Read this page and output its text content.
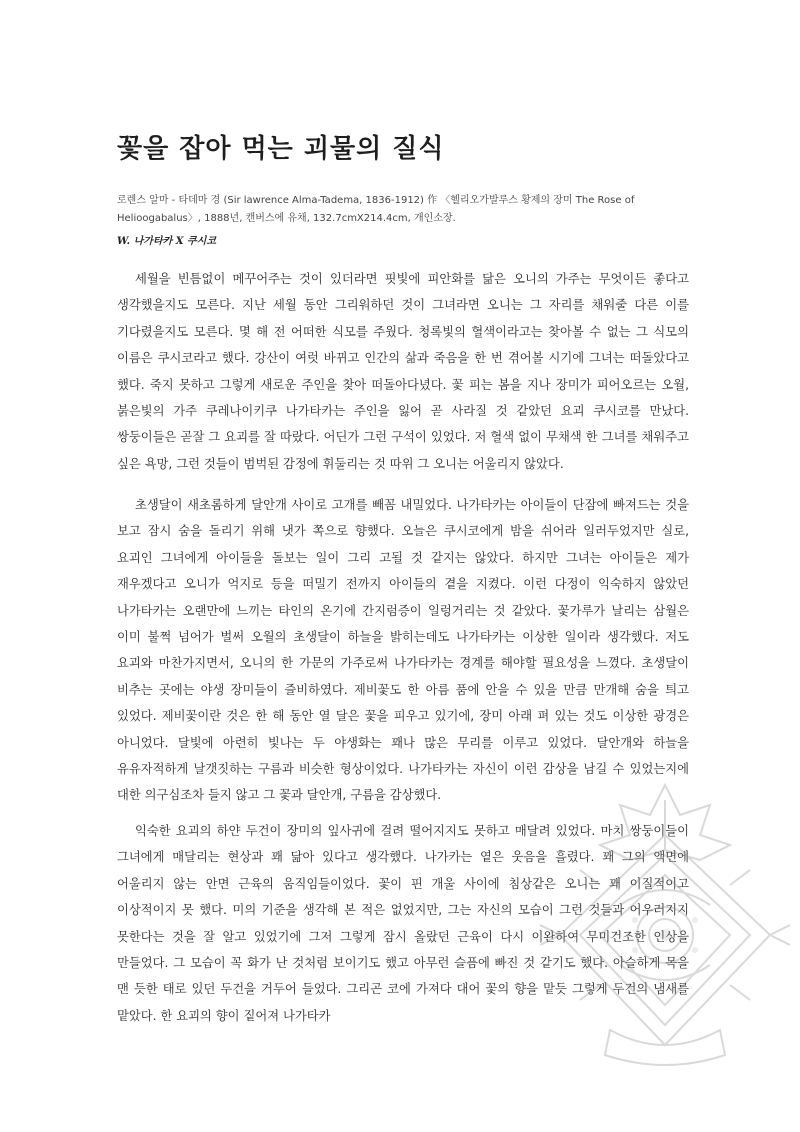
꽃을 잡아 먹는 괴물의 질식

로렌스 알마 - 타데마 경 (Sir lawrence Alma-Tadema, 1836-1912) 作 〈헬리오가발루스 황제의 장미 The Rose of Helioogabalus〉, 1888년, 캔버스에 유채, 132.7cmX214.4cm, 개인소장.

W. 나가타카 X 쿠시코

세월을 빈틈없이 메꾸어주는 것이 있더라면 핏빛에 피안화를 닮은 오니의 가주는 무엇이든 좋다고 생각했을지도 모른다. 지난 세월 동안 그리워하던 것이 그녀라면 오니는 그 자리를 채워줄 다른 이를 기다렸을지도 모른다. 몇 해 전 어떠한 식모를 주웠다. 청록빛의 혈색이라고는 찾아볼 수 없는 그 식모의 이름은 쿠시코라고 했다. 강산이 여럿 바뀌고 인간의 삶과 죽음을 한 번 겪어볼 시기에 그녀는 떠돌았다고 했다. 죽지 못하고 그렇게 새로운 주인을 찾아 떠돌아다녔다. 꽃 피는 봄을 지나 장미가 피어오르는 오월, 붉은빛의 가주 쿠레나이키쿠 나가타카는 주인을 잃어 곧 사라질 것 같았던 요괴 쿠시코를 만났다. 쌍둥이들은 곧잘 그 요괴를 잘 따랐다. 어딘가 그런 구석이 있었다. 저 혈색 없이 무채색 한 그녀를 채워주고 싶은 욕망, 그런 것들이 범벅된 감정에 휘둘리는 것 따위 그 오니는 어울리지 않았다.

초생달이 새초롬하게 달안개 사이로 고개를 빼꼼 내밀었다. 나가타카는 아이들이 단잠에 빠져드는 것을 보고 잠시 숨을 돌리기 위해 냇가 쪽으로 향했다. 오늘은 쿠시코에게 밤을 쉬어라 일러두었지만 실로, 요괴인 그녀에게 아이들을 돌보는 일이 그리 고될 것 같지는 않았다. 하지만 그녀는 아이들은 제가 재우겠다고 오니가 억지로 등을 떠밀기 전까지 아이들의 곁을 지켰다. 이런 다정이 익숙하지 않았던 나가타카는 오랜만에 느끼는 타인의 온기에 간지럼증이 일렁거리는 것 같았다. 꽃가루가 날리는 삼월은 이미 불쩍 넘어가 벌써 오월의 초생달이 하늘을 밝히는데도 나가타카는 이상한 일이라 생각했다. 저도 요괴와 마찬가지면서, 오니의 한 가문의 가주로써 나가타카는 경계를 해야할 필요성을 느꼈다. 초생달이 비추는 곳에는 야생 장미들이 즐비하였다. 제비꽃도 한 아름 품에 안을 수 있을 만큼 만개해 숨을 틔고 있었다. 제비꽃이란 것은 한 해 동안 열 달은 꽃을 피우고 있기에, 장미 아래 펴 있는 것도 이상한 광경은 아니었다. 달빛에 아련히 빛나는 두 야생화는 꽤나 많은 무리를 이루고 있었다. 달안개와 하늘을 유유자적하게 날갯짓하는 구름과 비슷한 형상이었다. 나가타카는 자신이 이런 감상을 남길 수 있었는지에 대한 의구심조차 들지 않고 그 꽃과 달안개, 구름을 감상했다.

익숙한 요괴의 하얀 두건이 장미의 잎사귀에 걸려 떨어지지도 못하고 매달려 있었다. 마치 쌍둥이들이 그녀에게 매달리는 현상과 꽤 닮아 있다고 생각했다. 나가카는 옅은 웃음을 흘렸다. 꽤 그의 액면에 어울리지 않는 안면 근육의 움직임들이었다. 꽃이 핀 개울 사이에 침상같은 오니는 꽤 이질적이고 이상적이지 못 했다. 미의 기준을 생각해 본 적은 없었지만, 그는 자신의 모습이 그런 것들과 어우러지지 못한다는 것을 잘 알고 있었기에 그저 그렇게 잠시 올랐던 근육이 다시 이완하여 무미건조한 인상을 만들었다. 그 모습이 꼭 화가 난 것처럼 보이기도 했고 아무런 슬픔에 빠진 것 같기도 했다. 아슬하게 목을 맨 듯한 태로 있던 두건을 거두어 들었다. 그리곤 코에 가져다 대어 꽃의 향을 맡듯 그렇게 두건의 냄새를 맡았다. 한 요괴의 향이 짙어져 나가타카
